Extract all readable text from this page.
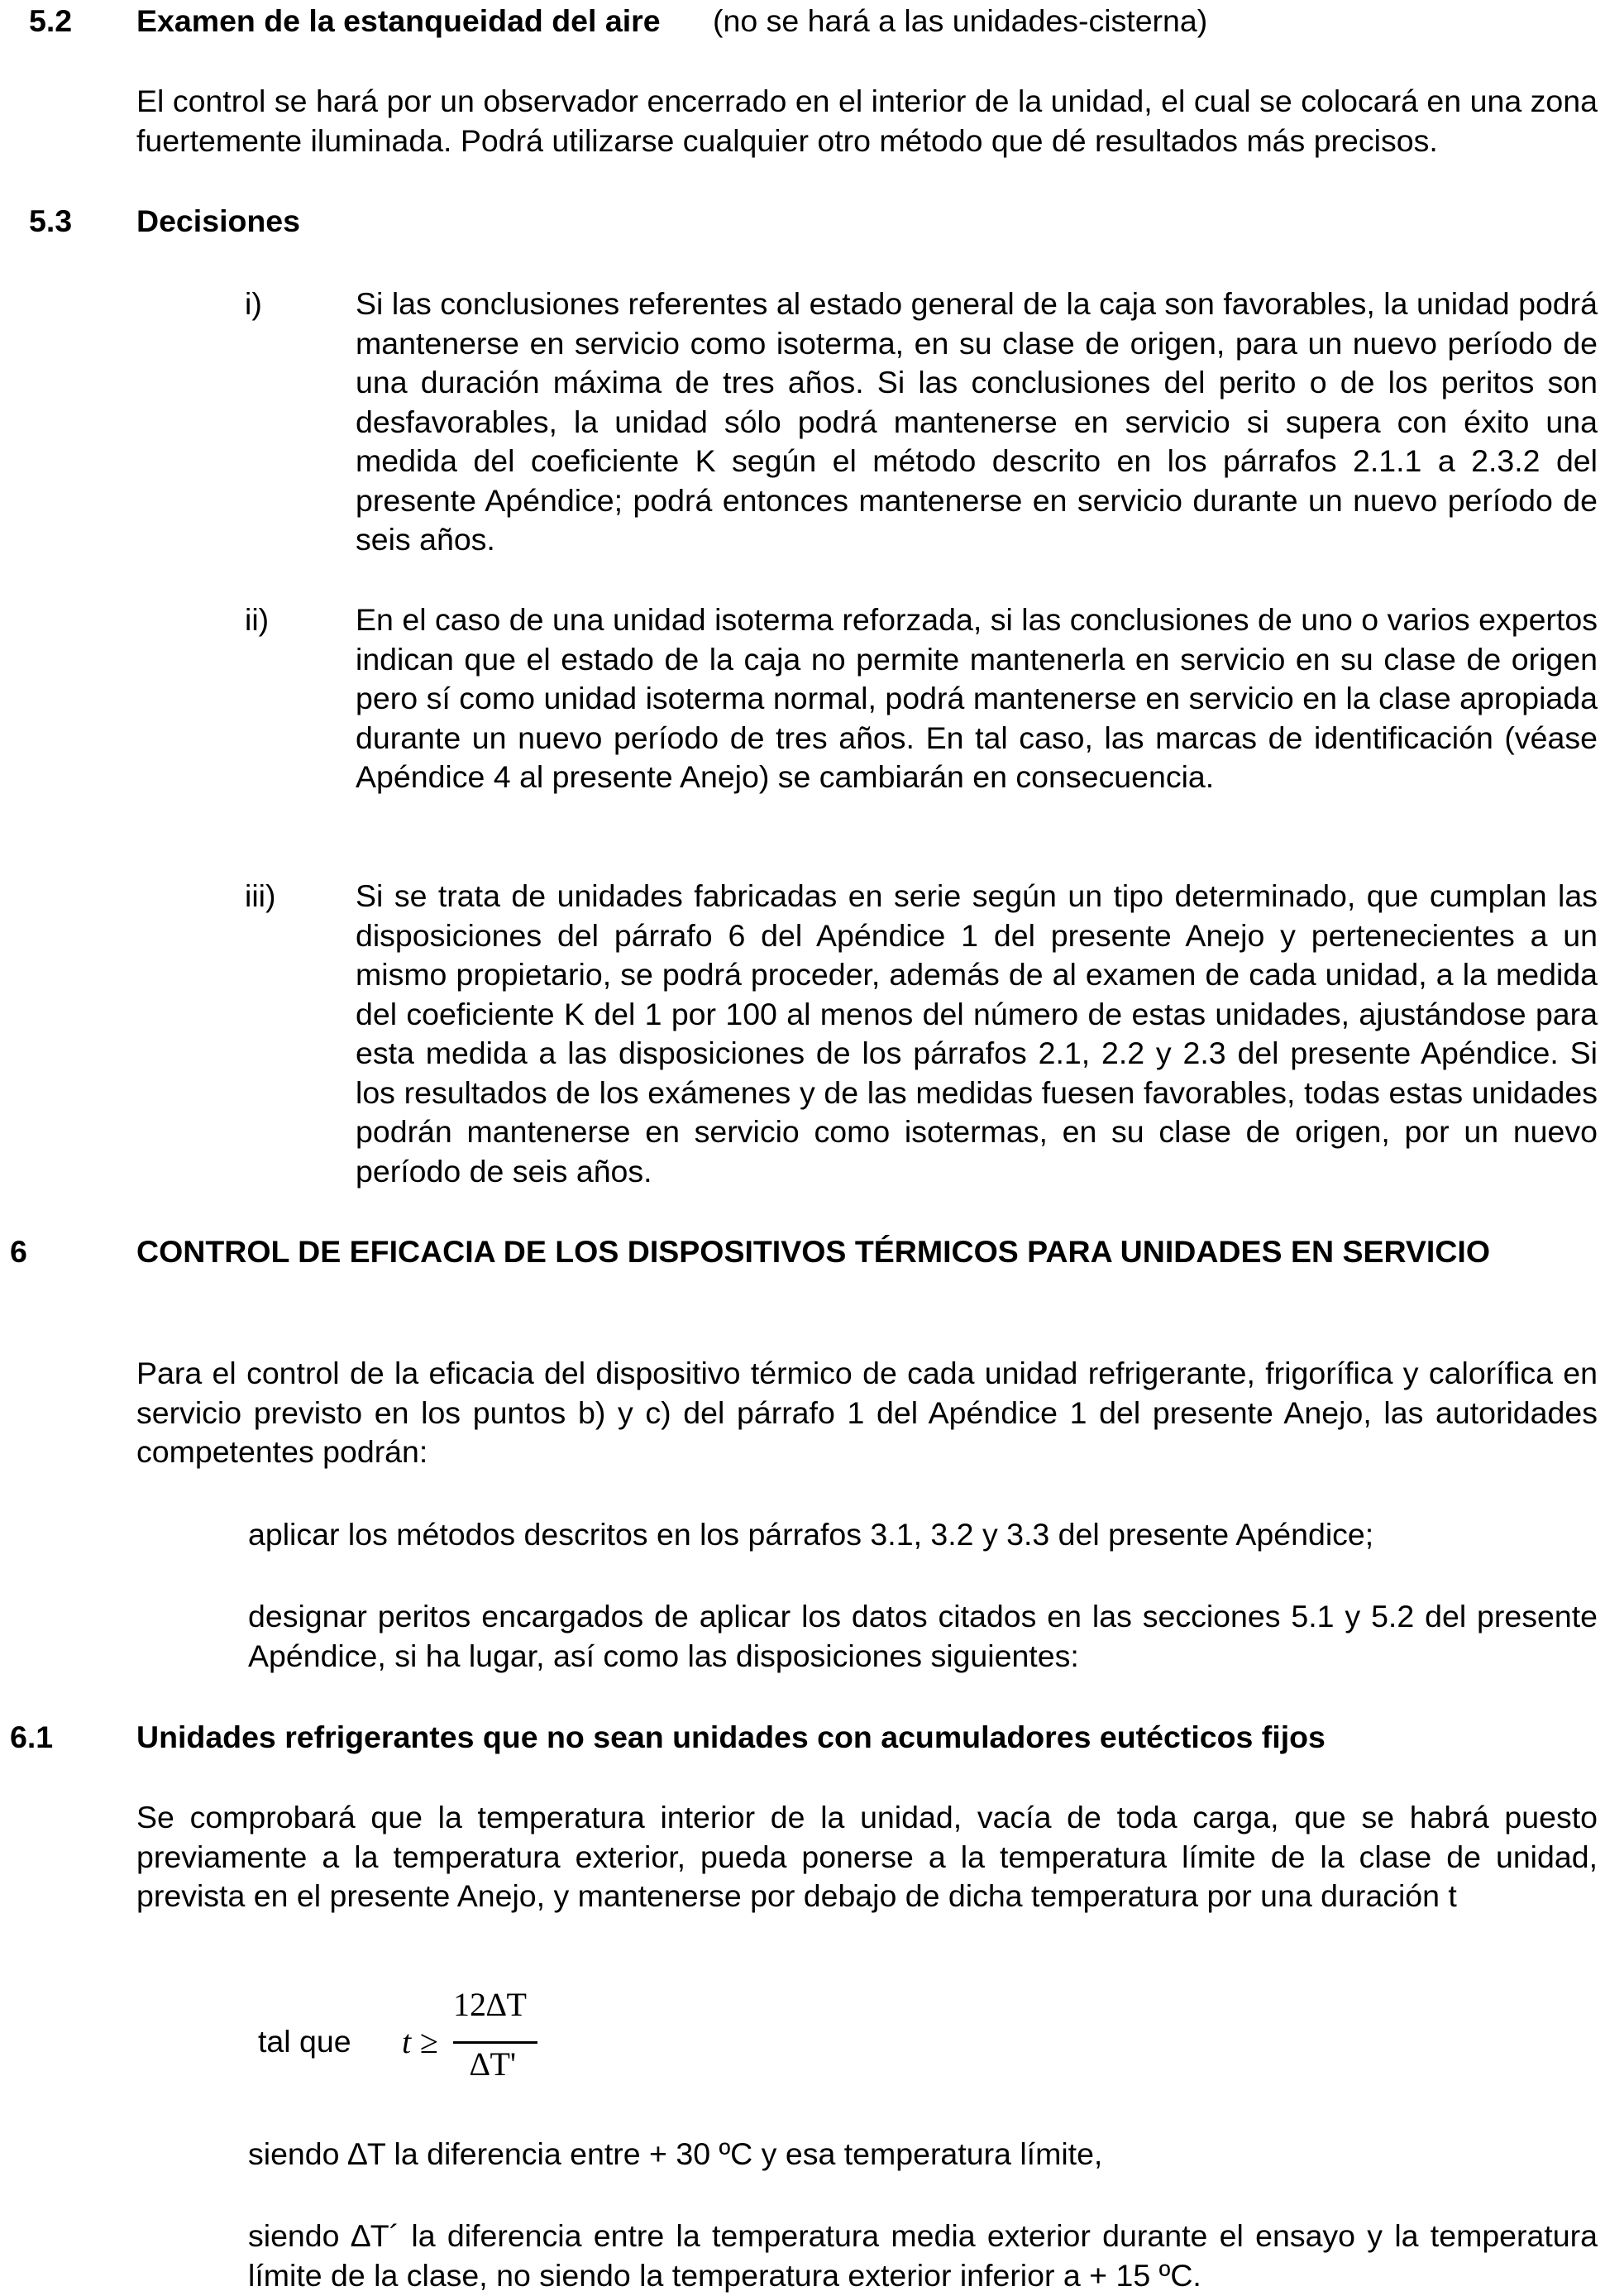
5.2 Examen de la estanqueidad del aire (no se hará a las unidades-cisterna)
El control se hará por un observador encerrado en el interior de la unidad, el cual se colocará en una zona fuertemente iluminada. Podrá utilizarse cualquier otro método que dé resultados más precisos.
5.3 Decisiones
i)	Si las conclusiones referentes al estado general de la caja son favorables, la unidad podrá mantenerse en servicio como isoterma, en su clase de origen, para un nuevo período de una duración máxima de tres años. Si las conclusiones del perito o de los peritos son desfavorables, la unidad sólo podrá mantenerse en servicio si supera con éxito una medida del coeficiente K según el método descrito en los párrafos 2.1.1 a 2.3.2 del presente Apéndice; podrá entonces mantenerse en servicio durante un nuevo período de seis años.
ii)	En el caso de una unidad isoterma reforzada, si las conclusiones de uno o varios expertos indican que el estado de la caja no permite mantenerla en servicio en su clase de origen pero sí como unidad isoterma normal, podrá mantenerse en servicio en la clase apropiada durante un nuevo período de tres años. En tal caso, las marcas de identificación (véase Apéndice 4 al presente Anejo) se cambiarán en consecuencia.
iii)	Si se trata de unidades fabricadas en serie según un tipo determinado, que cumplan las disposiciones del párrafo 6 del Apéndice 1 del presente Anejo y pertenecientes a un mismo propietario, se podrá proceder, además de al examen de cada unidad, a la medida del coeficiente K del 1 por 100 al menos del número de estas unidades, ajustándose para esta medida a las disposiciones de los párrafos 2.1, 2.2 y 2.3 del presente Apéndice. Si los resultados de los exámenes y de las medidas fuesen favorables, todas estas unidades podrán mantenerse en servicio como isotermas, en su clase de origen, por un nuevo período de seis años.
6	CONTROL DE EFICACIA DE LOS DISPOSITIVOS TÉRMICOS PARA UNIDADES EN SERVICIO
Para el control de la eficacia del dispositivo térmico de cada unidad refrigerante, frigorífica y calorífica en servicio previsto en los puntos b) y c) del párrafo 1 del Apéndice 1 del presente Anejo, las autoridades competentes podrán:
aplicar los métodos descritos en los párrafos 3.1, 3.2 y 3.3 del presente Apéndice;
designar peritos encargados de aplicar los datos citados en las secciones 5.1 y 5.2 del presente Apéndice, si ha lugar, así como las disposiciones siguientes:
6.1	Unidades refrigerantes que no sean unidades con acumuladores eutécticos fijos
Se comprobará que la temperatura interior de la unidad, vacía de toda carga, que se habrá puesto previamente a la temperatura exterior, pueda ponerse a la temperatura límite de la clase de unidad, prevista en el presente Anejo, y mantenerse por debajo de dicha temperatura por una duración t
tal que t ≥
12∆T
∆T'
siendo ∆T la diferencia entre + 30 ºC y esa temperatura límite,
siendo ∆T´ la diferencia entre la temperatura media exterior durante el ensayo y la temperatura límite de la clase, no siendo la temperatura exterior inferior a + 15 ºC.
